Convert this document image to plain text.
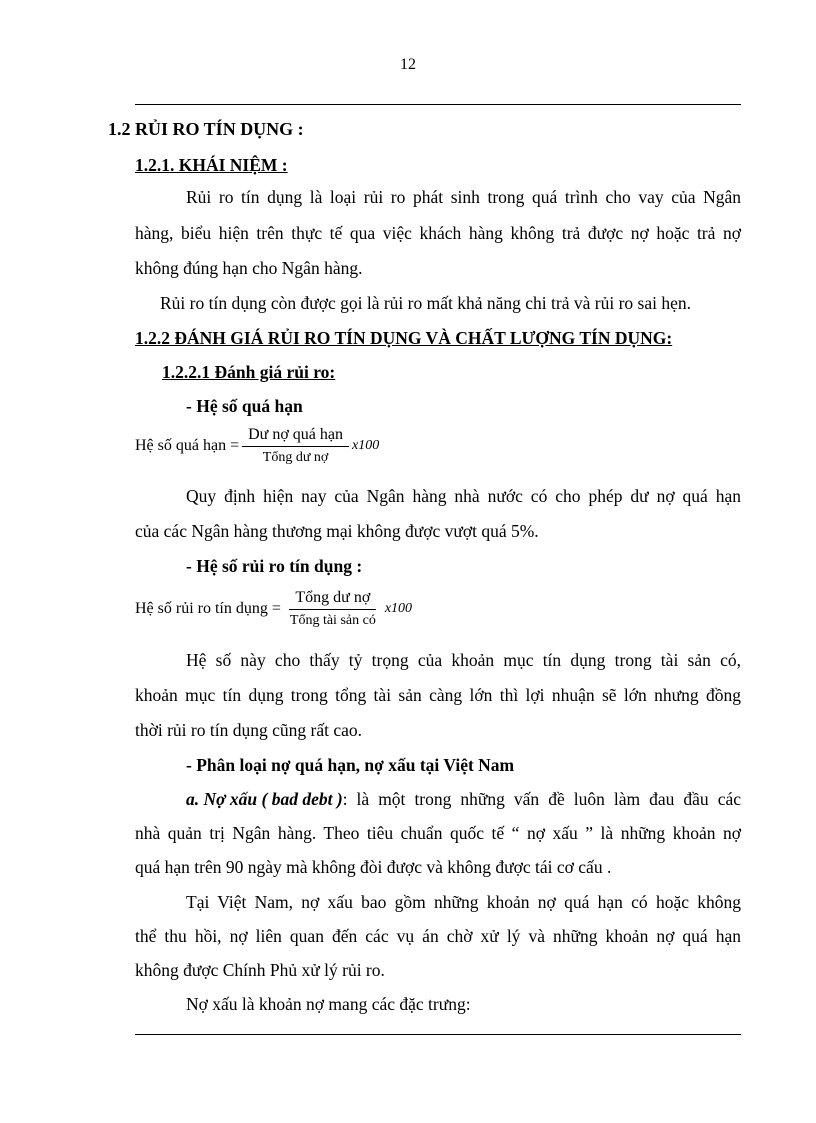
12
1.2 RỦI RO TÍN DỤNG :
1.2.1. KHÁI NIỆM :
Rủi ro tín dụng là loại rủi ro phát sinh trong quá trình cho vay của Ngân
hàng, biểu hiện trên thực tế qua việc khách hàng không trả được nợ hoặc trả nợ
không đúng hạn cho Ngân hàng.
Rủi ro tín dụng còn được gọi là rủi ro mất khả năng chi trả và rủi ro sai hẹn.
1.2.2 ĐÁNH GIÁ RỦI RO TÍN DỤNG VÀ CHẤT LƯỢNG TÍN DỤNG:
1.2.2.1 Đánh giá rủi ro:
- Hệ số quá hạn
Hệ số quá hạn = $\frac{\text{Dư nợ quá hạn}}{\text{Tổng dư nợ}} x100$
Quy định hiện nay của Ngân hàng nhà nước có cho phép dư nợ quá hạn
của các Ngân hàng thương mại không được vượt quá 5%.
- Hệ số rủi ro tín dụng :
Hệ số rủi ro tín dụng = $\frac{\text{Tổng dư nợ}}{\text{Tổng tài sản có}} x100$
Hệ số này cho thấy tỷ trọng của khoản mục tín dụng trong tài sản có,
khoản mục tín dụng trong tổng tài sản càng lớn thì lợi nhuận sẽ lớn nhưng đồng
thời rủi ro tín dụng cũng rất cao.
- Phân loại nợ quá hạn, nợ xấu tại Việt Nam
a. Nợ xấu ( bad debt ) : là một trong những vấn đề luôn làm đau đầu các
nhà quản trị Ngân hàng. Theo tiêu chuẩn quốc tế “ nợ xấu ” là những khoản nợ
quá hạn trên 90 ngày mà không đòi được và không được tái cơ cấu .
Tại Việt Nam, nợ xấu bao gồm những khoản nợ quá hạn có hoặc không
thể thu hồi, nợ liên quan đến các vụ án chờ xử lý và những khoản nợ quá hạn
không được Chính Phủ xử lý rủi ro.
Nợ xấu là khoản nợ mang các đặc trưng:
